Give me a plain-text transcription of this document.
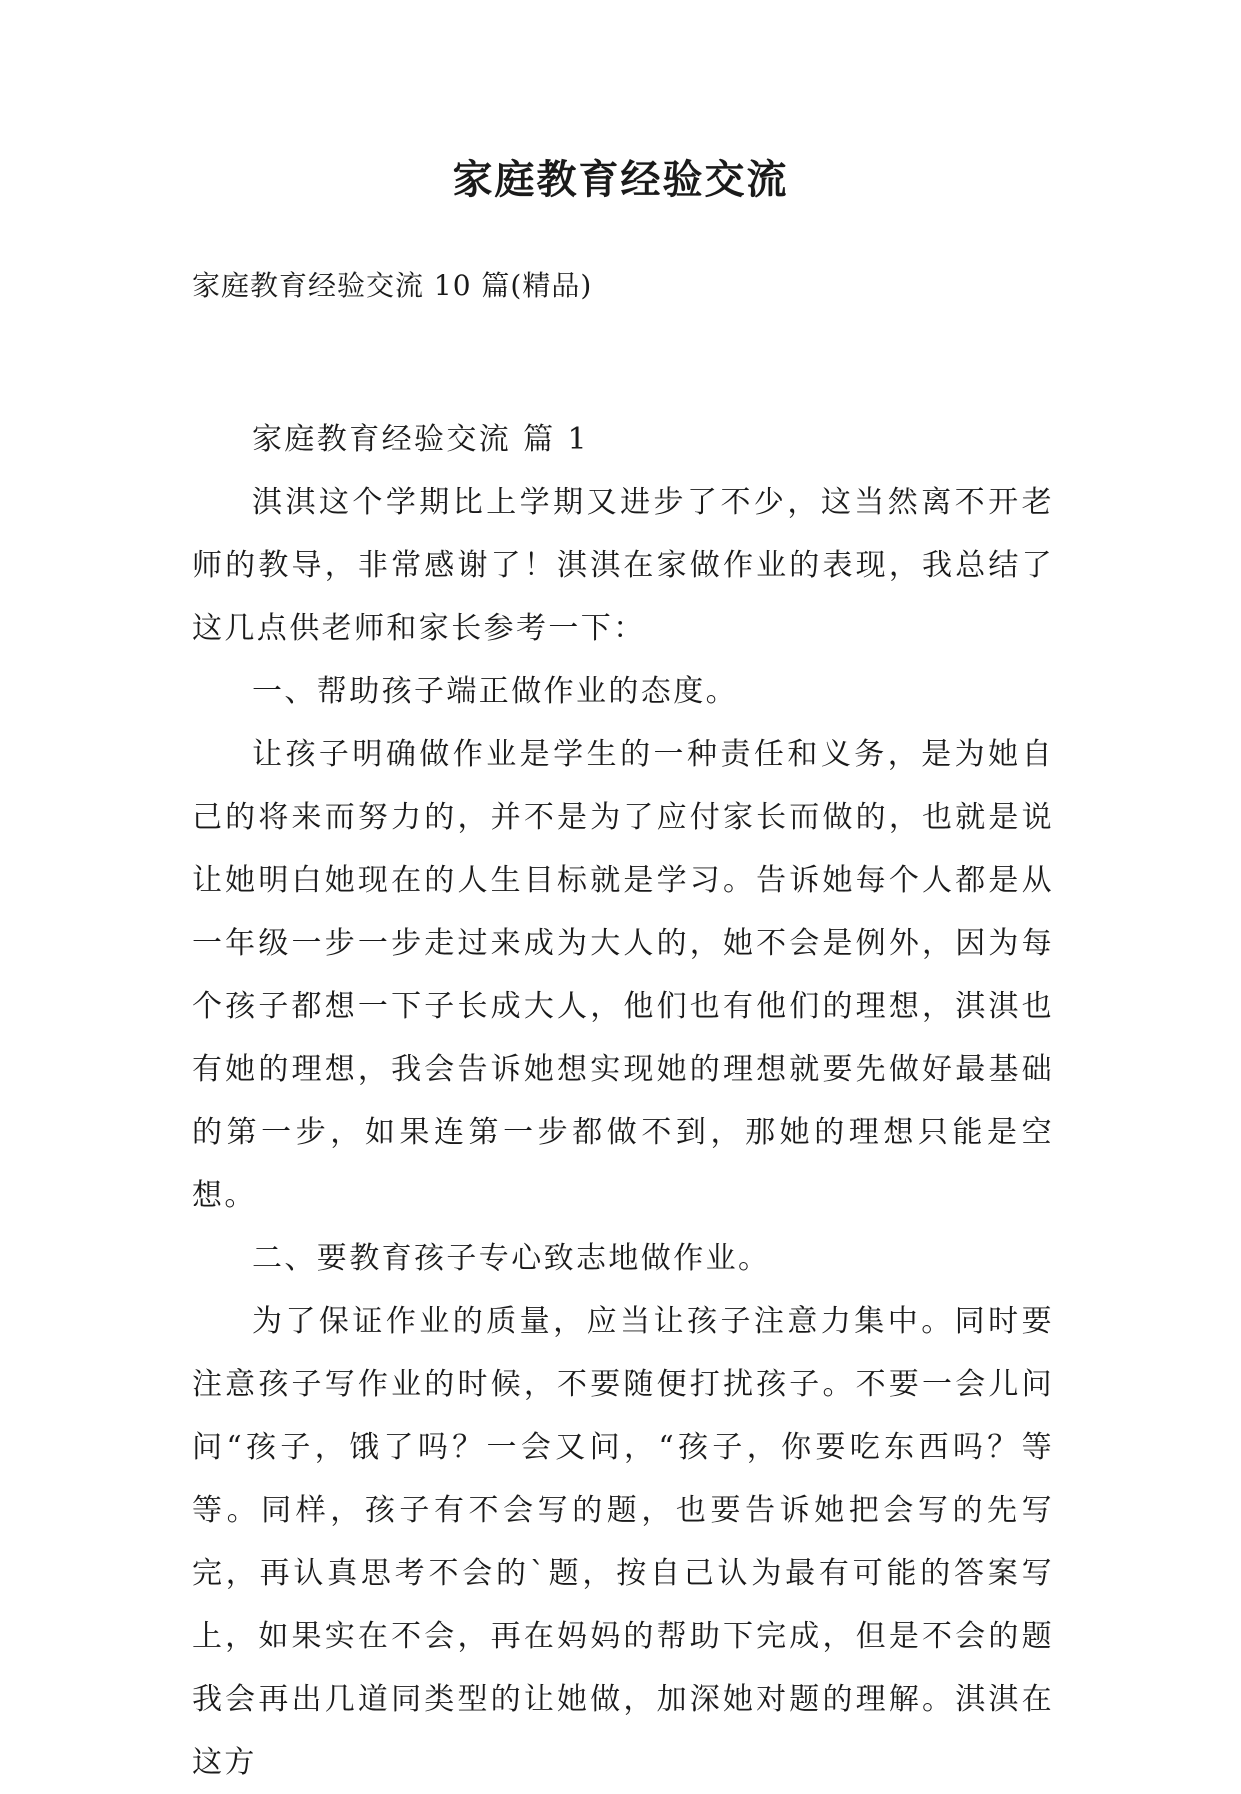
家庭教育经验交流
家庭教育经验交流 10 篇(精品)

家庭教育经验交流 篇 1

淇淇这个学期比上学期又进步了不少，这当然离不开老师的教导，非常感谢了！淇淇在家做作业的表现，我总结了这几点供老师和家长参考一下：

一、帮助孩子端正做作业的态度。

让孩子明确做作业是学生的一种责任和义务，是为她自己的将来而努力的，并不是为了应付家长而做的，也就是说让她明白她现在的人生目标就是学习。告诉她每个人都是从一年级一步一步走过来成为大人的，她不会是例外，因为每个孩子都想一下子长成大人，他们也有他们的理想，淇淇也有她的理想，我会告诉她想实现她的理想就要先做好最基础的第一步，如果连第一步都做不到，那她的理想只能是空想。

二、要教育孩子专心致志地做作业。

为了保证作业的质量，应当让孩子注意力集中。同时要注意孩子写作业的时候，不要随便打扰孩子。不要一会儿问问“孩子，饿了吗？一会又问，“孩子，你要吃东西吗？等等。同样，孩子有不会写的题，也要告诉她把会写的先写完，再认真思考不会的`题，按自己认为最有可能的答案写上，如果实在不会，再在妈妈的帮助下完成，但是不会的题我会再出几道同类型的让她做，加深她对题的理解。淇淇在这方
